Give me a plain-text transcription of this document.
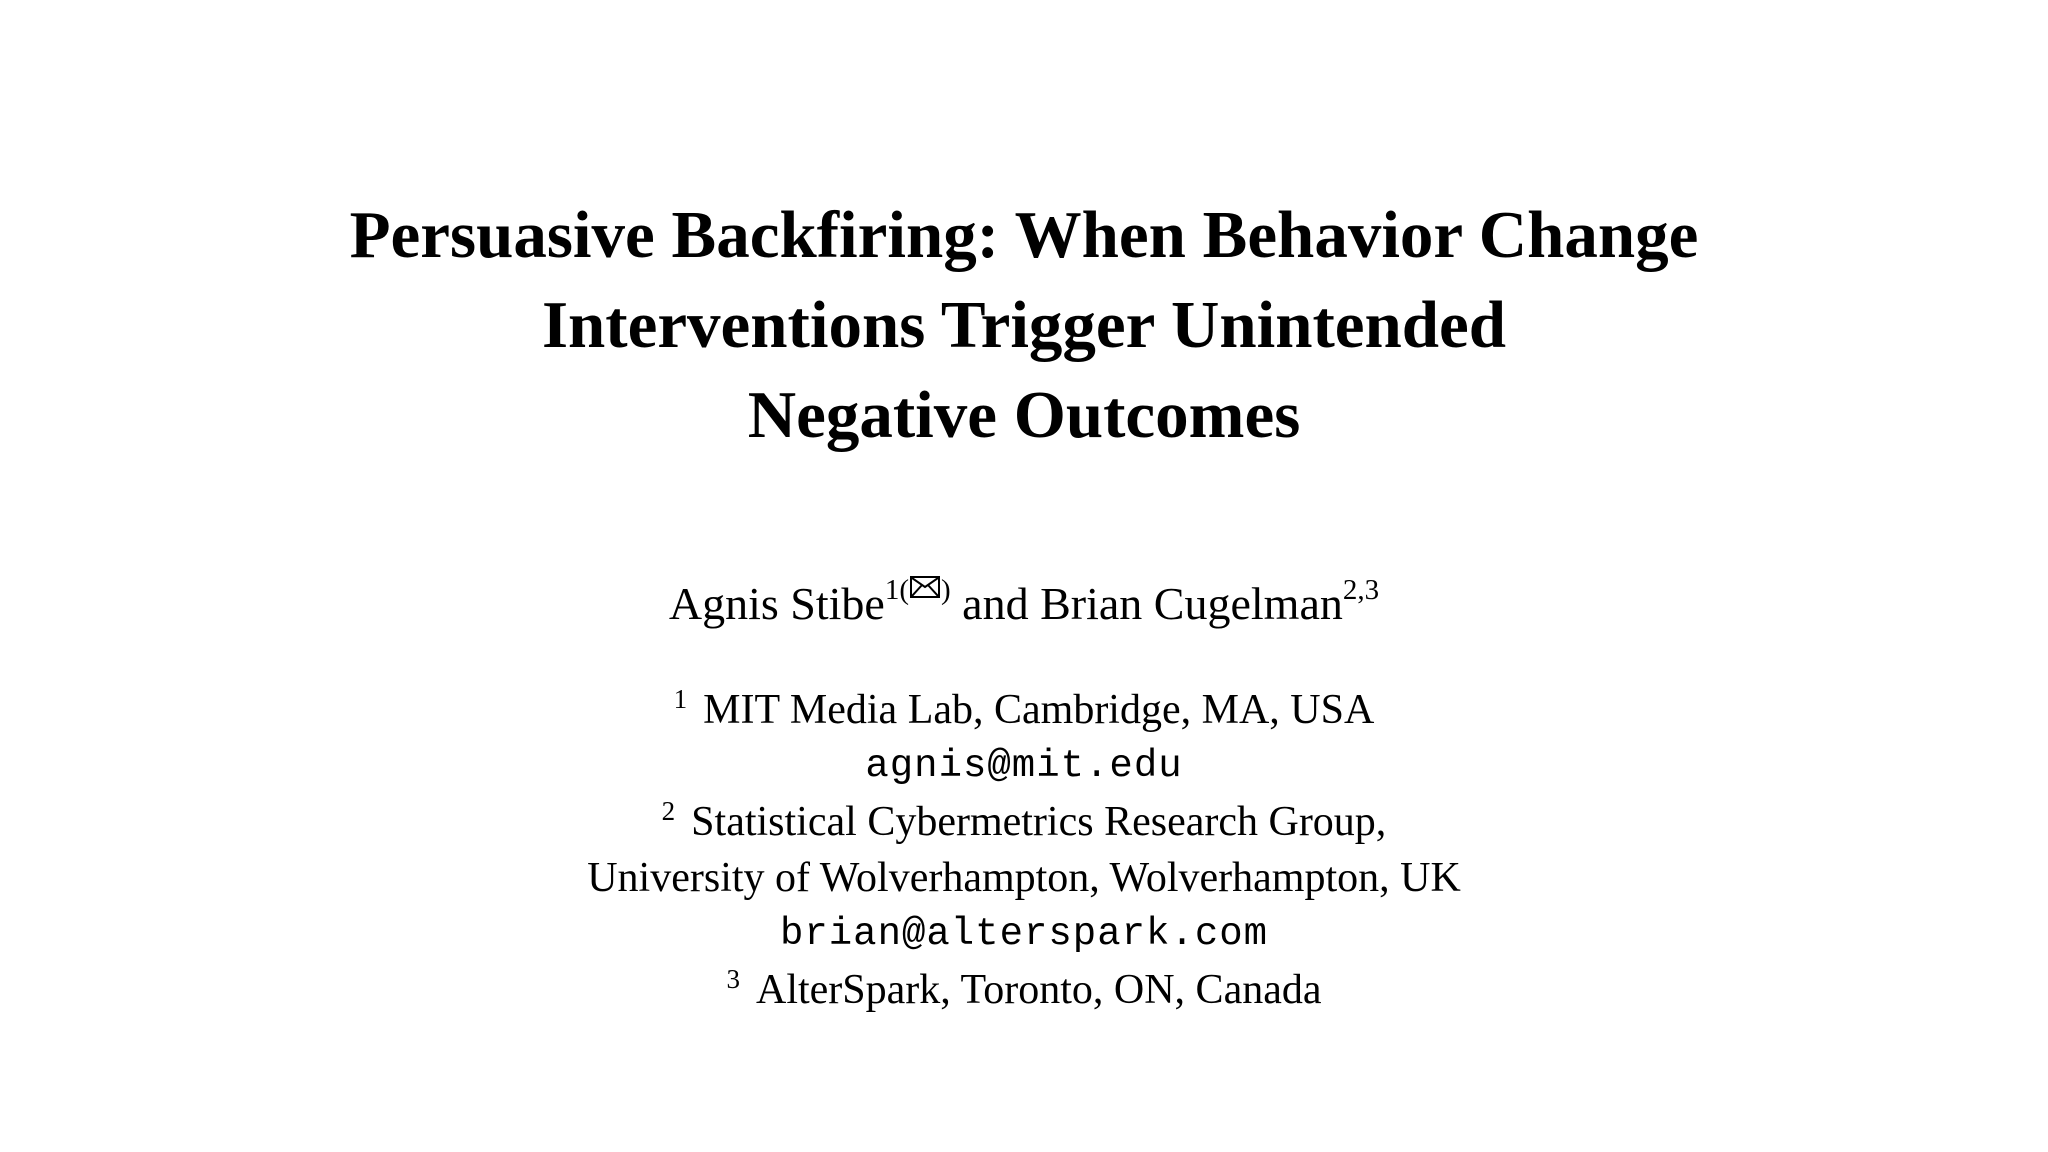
Persuasive Backfiring: When Behavior Change
Interventions Trigger Unintended
Negative Outcomes
Agnis Stibe$^{1( )}$ and Brian Cugelman$^{2,3}$
$^1$ MIT Media Lab, Cambridge, MA, USA
agnis@mit.edu
$^2$ Statistical Cybermetrics Research Group,
University of Wolverhampton, Wolverhampton, UK
brian@alterspark.com
$^3$ AlterSpark, Toronto, ON, Canada
